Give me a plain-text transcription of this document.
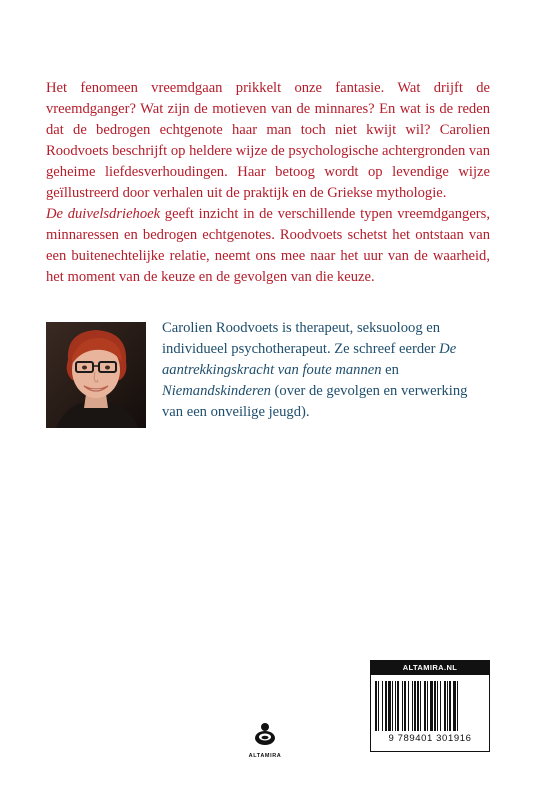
Het fenomeen vreemdgaan prikkelt onze fantasie. Wat drijft de vreemdganger? Wat zijn de motieven van de minnares? En wat is de reden dat de bedrogen echtgenote haar man toch niet kwijt wil? Carolien Roodvoets beschrijft op heldere wijze de psychologische achtergronden van geheime liefdesverhoudingen. Haar betoog wordt op levendige wijze geïllustreerd door verhalen uit de praktijk en de Griekse mythologie.

De duivelsdriehoek geeft inzicht in de verschillende typen vreemdgangers, minnaressen en bedrogen echtgenotes. Roodvoets schetst het ontstaan van een buitenechtelijke relatie, neemt ons mee naar het uur van de waarheid, het moment van de keuze en de gevolgen van die keuze.

Carolien Roodvoets is therapeut, seksuoloog en individueel psychotherapeut. Ze schreef eerder De aantrekkingskracht van foute mannen en Niemandskinderen (over de gevolgen en verwerking van een onveilige jeugd).

ALTAMIRA
ALTAMIRA.NL
9 789401 301916
